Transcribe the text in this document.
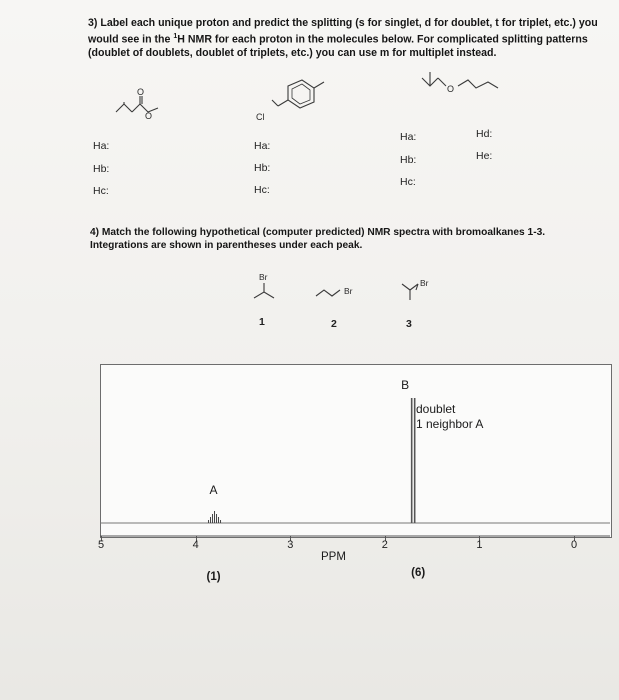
3) Label each unique proton and predict the splitting (s for singlet, d for doublet, t for triplet, etc.) you
would see in the $^1$H NMR for each proton in the molecules below. For complicated splitting patterns
(doublet of doublets, doublet of triplets, etc.) you can use m for multiplet instead.
O
O	Cl
O
Ha:
Hb:
Hc:
Ha:
Hb:
Hc:
Ha:
Hb:
Hc:
Hd:
He:
4) Match the following hypothetical (computer predicted) NMR spectra with bromoalkanes 1-3.
Integrations are shown in parentheses under each peak.
Br
1
Br
2
Br
3
A
B
doublet
1 neighbor A
5	4	3	2	1	0
PPM
(1)	(6)
